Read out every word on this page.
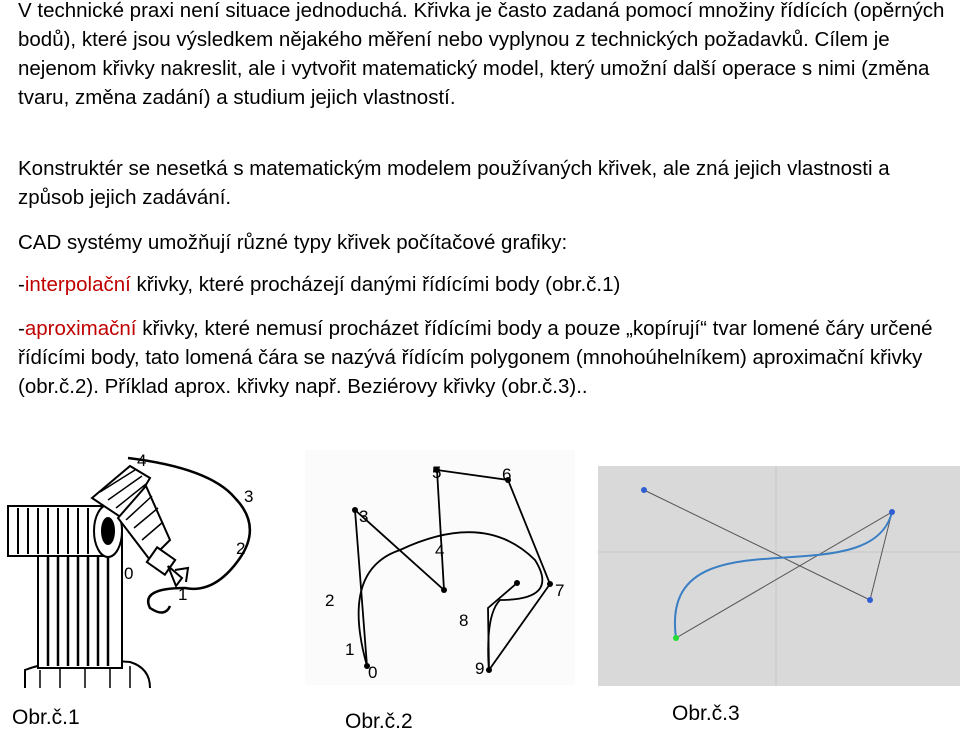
V technické praxi není situace jednoduchá. Křivka je často zadaná pomocí množiny řídících (opěrných bodů), které jsou výsledkem nějakého měření nebo vyplynou z technických požadavků. Cílem je nejenom křivky nakreslit, ale i vytvořit matematický model, který umožní další operace s nimi (změna tvaru, změna zadání) a studium jejich vlastností.
Konstruktér se nesetká s matematickým modelem používaných křivek, ale zná jejich vlastnosti a způsob jejich zadávání.
CAD systémy umožňují různé typy křivek počítačové grafiky:
-interpolační křivky, které procházejí danými řídícími body (obr.č.1)
-aproximační křivky, které nemusí procházet řídícími body a pouze „kopírují“ tvar lomené čáry určené řídícími body, tato lomená čára se nazývá řídícím polygonem (mnohoúhelníkem) aproximační křivky (obr.č.2). Příklad aprox. křivky např. Beziérovy křivky (obr.č.3)..
4
3
2
0
1
Obr.č.1
5	6
3
4
7
2
8
1
0	9
Obr.č.2	Obr.č.3
